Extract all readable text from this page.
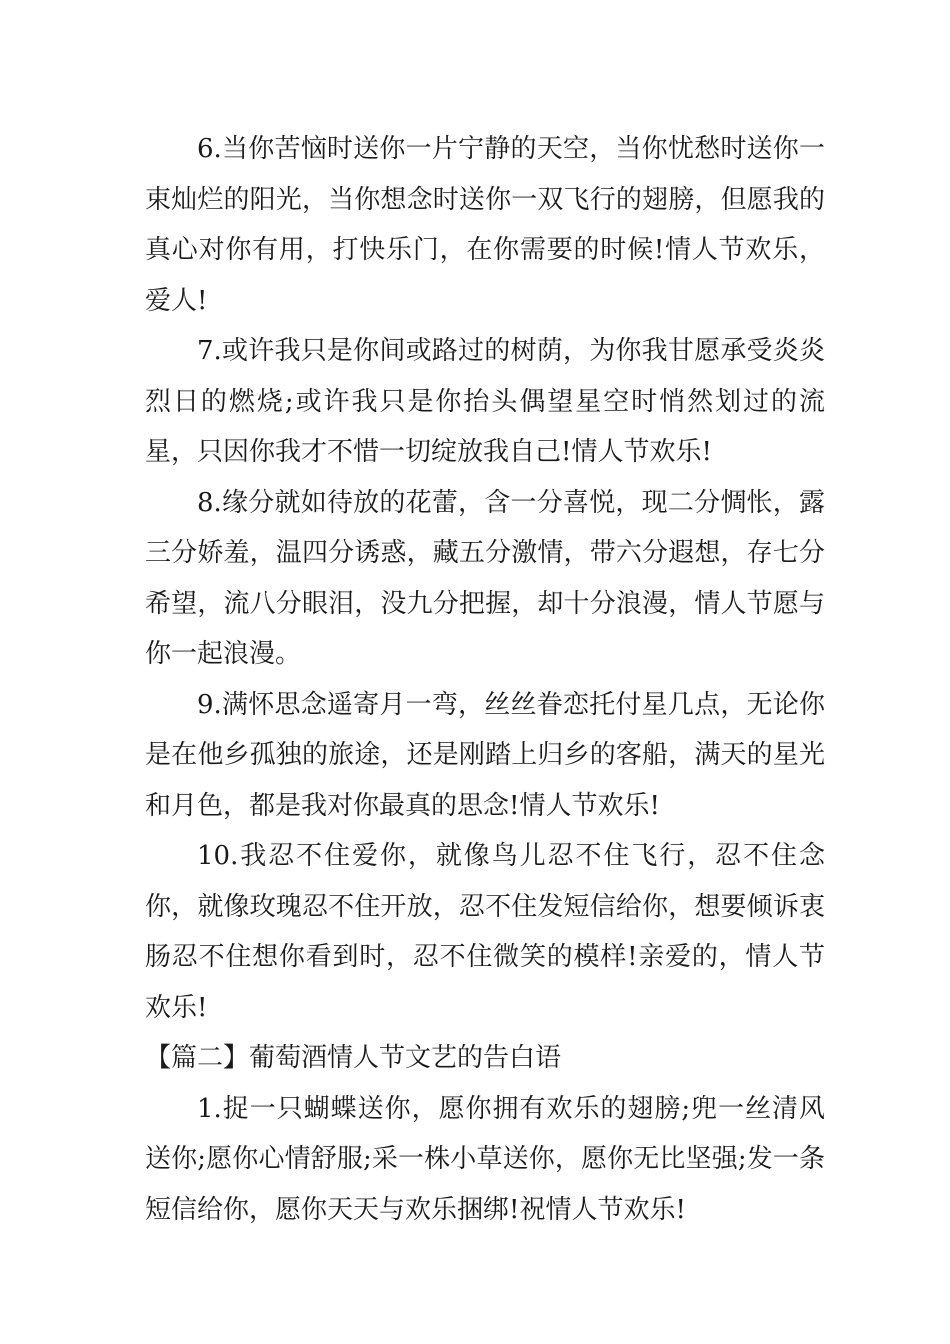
6.当你苦恼时送你一片宁静的天空，当你忧愁时送你一束灿烂的阳光，当你想念时送你一双飞行的翅膀，但愿我的真心对你有用，打快乐门，在你需要的时候!情人节欢乐，爱人!

7.或许我只是你间或路过的树荫，为你我甘愿承受炎炎烈日的燃烧;或许我只是你抬头偶望星空时悄然划过的流星，只因你我才不惜一切绽放我自己!情人节欢乐!

8.缘分就如待放的花蕾，含一分喜悦，现二分惆怅，露三分娇羞，温四分诱惑，藏五分激情，带六分遐想，存七分希望，流八分眼泪，没九分把握，却十分浪漫，情人节愿与你一起浪漫。

9.满怀思念遥寄月一弯，丝丝眷恋托付星几点，无论你是在他乡孤独的旅途，还是刚踏上归乡的客船，满天的星光和月色，都是我对你最真的思念!情人节欢乐!

10.我忍不住爱你，就像鸟儿忍不住飞行，忍不住念你，就像玫瑰忍不住开放，忍不住发短信给你，想要倾诉衷肠忍不住想你看到时，忍不住微笑的模样!亲爱的，情人节欢乐!

【篇二】葡萄酒情人节文艺的告白语

1.捉一只蝴蝶送你，愿你拥有欢乐的翅膀;兜一丝清风送你;愿你心情舒服;采一株小草送你，愿你无比坚强;发一条短信给你，愿你天天与欢乐捆绑!祝情人节欢乐!
